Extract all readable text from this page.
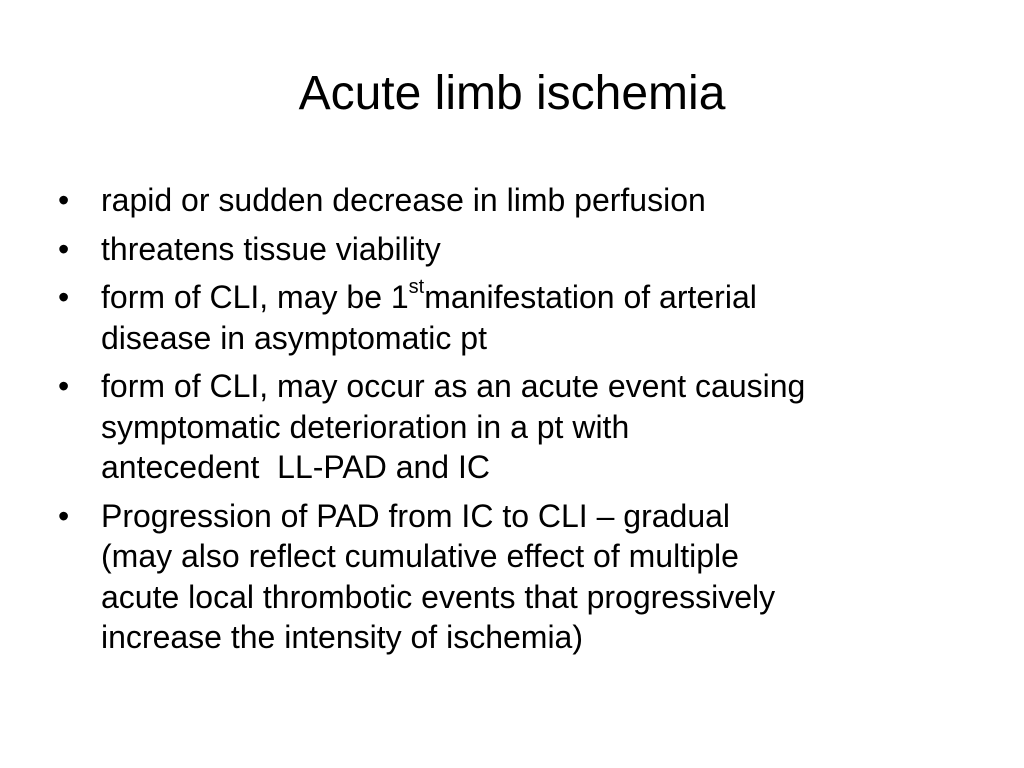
Acute limb ischemia
• rapid or sudden decrease in limb perfusion
• threatens tissue viability
• form of CLI, may be 1stmanifestation of arterial
disease in asymptomatic pt
• form of CLI, may occur as an acute event causing
symptomatic deterioration in a pt with
antecedent  LL-PAD and IC
• Progression of PAD from IC to CLI – gradual
(may also reflect cumulative effect of multiple
acute local thrombotic events that progressively
increase the intensity of ischemia)
